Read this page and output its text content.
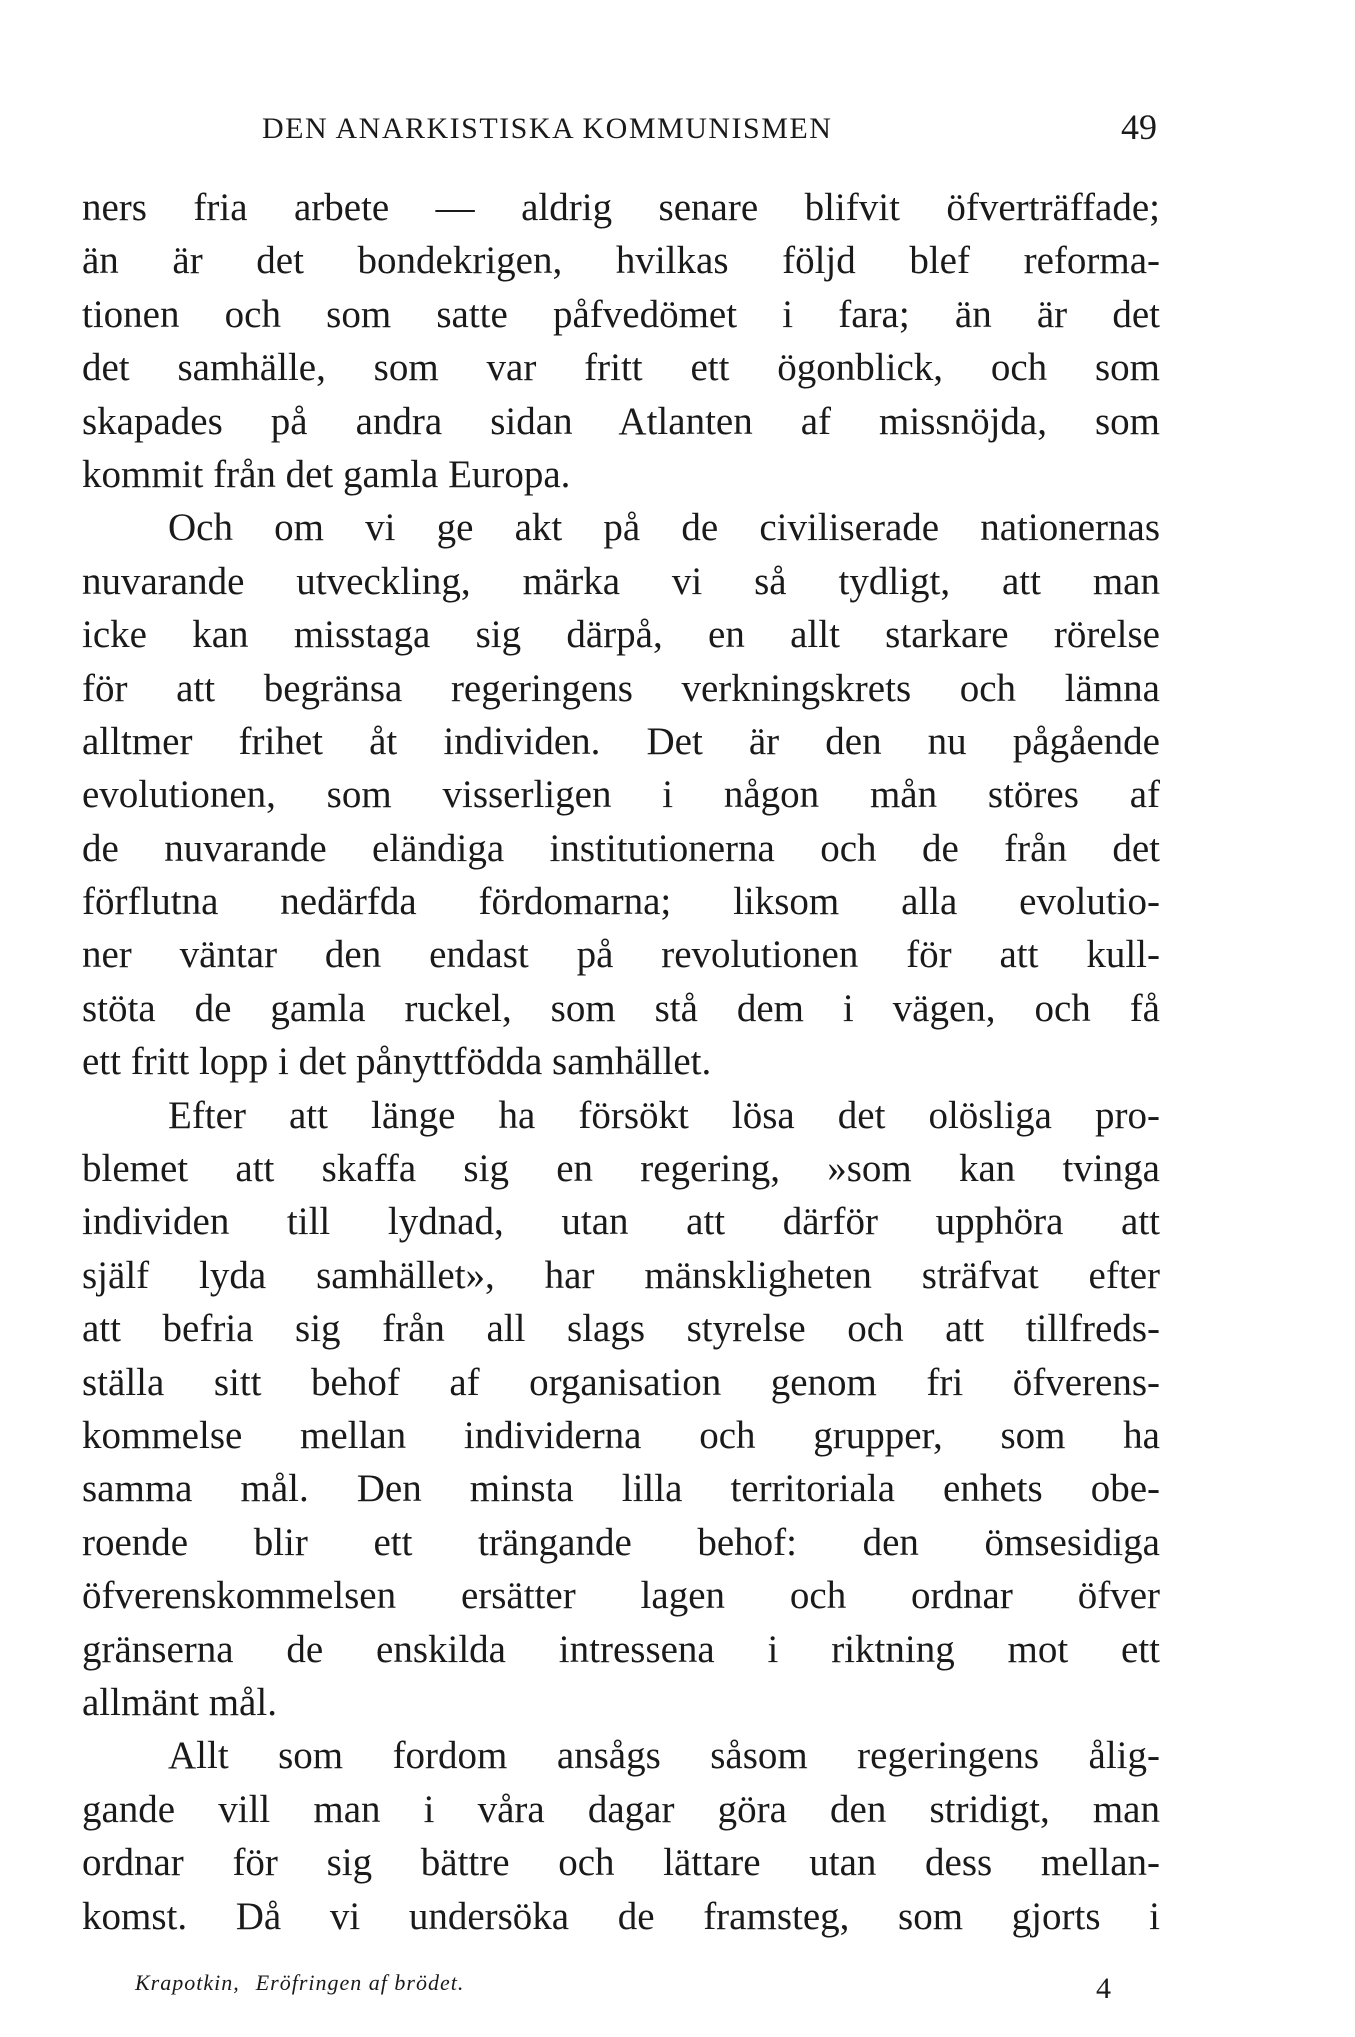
DEN ANARKISTISKA KOMMUNISMEN	49
ners fria arbete — aldrig senare blifvit öfverträffade;
än är det bondekrigen, hvilkas följd blef reforma-
tionen och som satte påfvedömet i fara; än är det
det samhälle, som var fritt ett ögonblick, och som
skapades på andra sidan Atlanten af missnöjda, som
kommit från det gamla Europa.
Och om vi ge akt på de civiliserade nationernas
nuvarande utveckling, märka vi så tydligt, att man
icke kan misstaga sig därpå, en allt starkare rörelse
för att begränsa regeringens verkningskrets och lämna
alltmer frihet åt individen. Det är den nu pågående
evolutionen, som visserligen i någon mån störes af
de nuvarande eländiga institutionerna och de från det
förflutna nedärfda fördomarna; liksom alla evolutio-
ner väntar den endast på revolutionen för att kull-
stöta de gamla ruckel, som stå dem i vägen, och få
ett fritt lopp i det pånyttfödda samhället.
Efter att länge ha försökt lösa det olösliga pro-
blemet att skaffa sig en regering, »som kan tvinga
individen till lydnad, utan att därför upphöra att
själf lyda samhället», har mänskligheten sträfvat efter
att befria sig från all slags styrelse och att tillfreds-
ställa sitt behof af organisation genom fri öfverens-
kommelse mellan individerna och grupper, som ha
samma mål. Den minsta lilla territoriala enhets obe-
roende blir ett trängande behof: den ömsesidiga
öfverenskommelsen ersätter lagen och ordnar öfver
gränserna de enskilda intressena i riktning mot ett
allmänt mål.
Allt som fordom ansågs såsom regeringens ålig-
gande vill man i våra dagar göra den stridigt, man
ordnar för sig bättre och lättare utan dess mellan-
komst. Då vi undersöka de framsteg, som gjorts i
Krapotkin, Eröfringen af brödet.	4
